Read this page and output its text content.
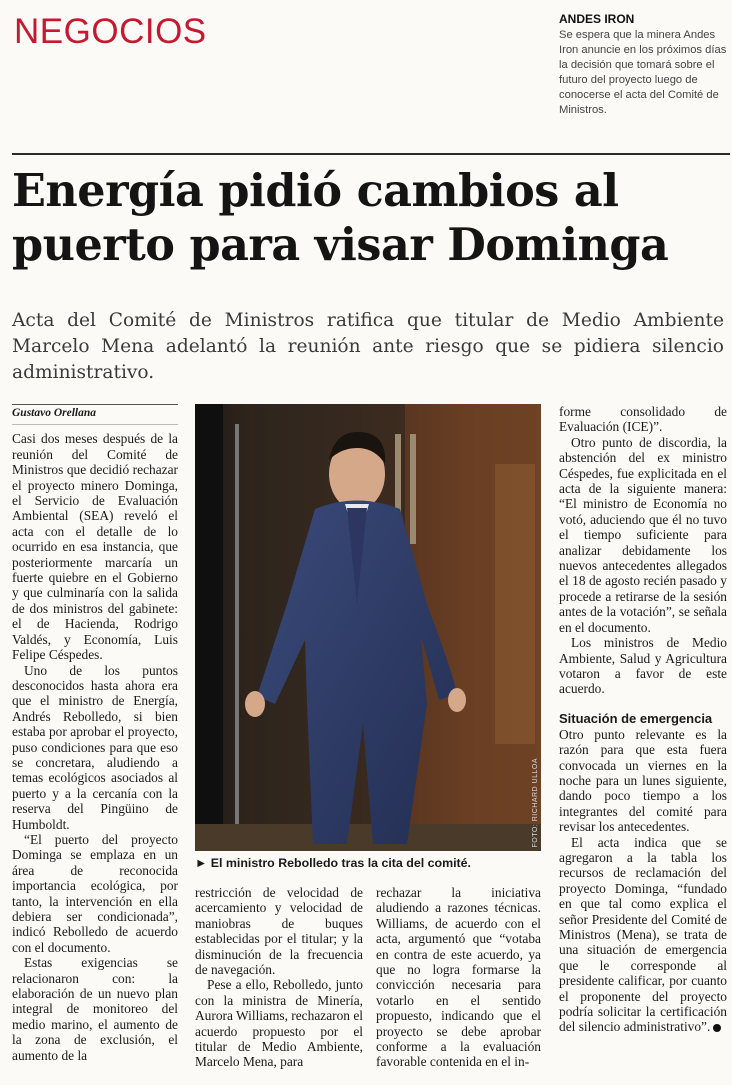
NEGOCIOS	ANDES IRON

Se espera que la minera Andes Iron anuncie en los próximos días la decisión que tomará sobre el futuro del proyecto luego de conocerse el acta del Comité de Ministros.

Energía pidió cambios al puerto para visar Dominga

Acta del Comité de Ministros ratifica que titular de Medio Ambiente Marcelo Mena adelantó la reunión ante riesgo que se pidiera silencio administrativo.

Gustavo Orellana

Casi dos meses después de la reunión del Comité de Ministros que decidió rechazar el proyecto minero Dominga, el Servicio de Evaluación Ambiental (SEA) reveló el acta con el detalle de lo ocurrido en esa instancia, que posteriormente marcaría un fuerte quiebre en el Gobierno y que culminaría con la salida de dos ministros del gabinete: el de Hacienda, Rodrigo Valdés, y Economía, Luis Felipe Céspedes.

Uno de los puntos desconocidos hasta ahora era que el ministro de Energía, Andrés Rebolledo, si bien estaba por aprobar el proyecto, puso condiciones para que eso se concretara, aludiendo a temas ecológicos asociados al puerto y a la cercanía con la reserva del Pingüino de Humboldt.

“El puerto del proyecto Dominga se emplaza en un área de reconocida importancia ecológica, por tanto, la intervención en ella debiera ser condicionada”, indicó Rebolledo de acuerdo con el documento.

Estas exigencias se relacionaron con: la elaboración de un nuevo plan integral de monitoreo del medio marino, el aumento de la zona de exclusión, el aumento de la

FOTO: RICHARD ULLOA

► El ministro Rebolledo tras la cita del comité.

restricción de velocidad de acercamiento y velocidad de maniobras de buques establecidas por el titular; y la disminución de la frecuencia de navegación.

Pese a ello, Rebolledo, junto con la ministra de Minería, Aurora Williams, rechazaron el acuerdo propuesto por el titular de Medio Ambiente, Marcelo Mena, para

rechazar la iniciativa aludiendo a razones técnicas. Williams, de acuerdo con el acta, argumentó que “votaba en contra de este acuerdo, ya que no logra formarse la convicción necesaria para votarlo en el sentido propuesto, indicando que el proyecto se debe aprobar conforme a la evaluación favorable contenida en el in-

forme consolidado de Evaluación (ICE)”.

Otro punto de discordia, la abstención del ex ministro Céspedes, fue explicitada en el acta de la siguiente manera: “El ministro de Economía no votó, aduciendo que él no tuvo el tiempo suficiente para analizar debidamente los nuevos antecedentes allegados el 18 de agosto recién pasado y procede a retirarse de la sesión antes de la votación”, se señala en el documento.

Los ministros de Medio Ambiente, Salud y Agricultura votaron a favor de este acuerdo.

Situación de emergencia

Otro punto relevante es la razón para que esta fuera convocada un viernes en la noche para un lunes siguiente, dando poco tiempo a los integrantes del comité para revisar los antecedentes.

El acta indica que se agregaron a la tabla los recursos de reclamación del proyecto Dominga, “fundado en que tal como explica el señor Presidente del Comité de Ministros (Mena), se trata de una situación de emergencia que le corresponde al presidente calificar, por cuanto el proponente del proyecto podría solicitar la certificación del silencio administrativo”.
